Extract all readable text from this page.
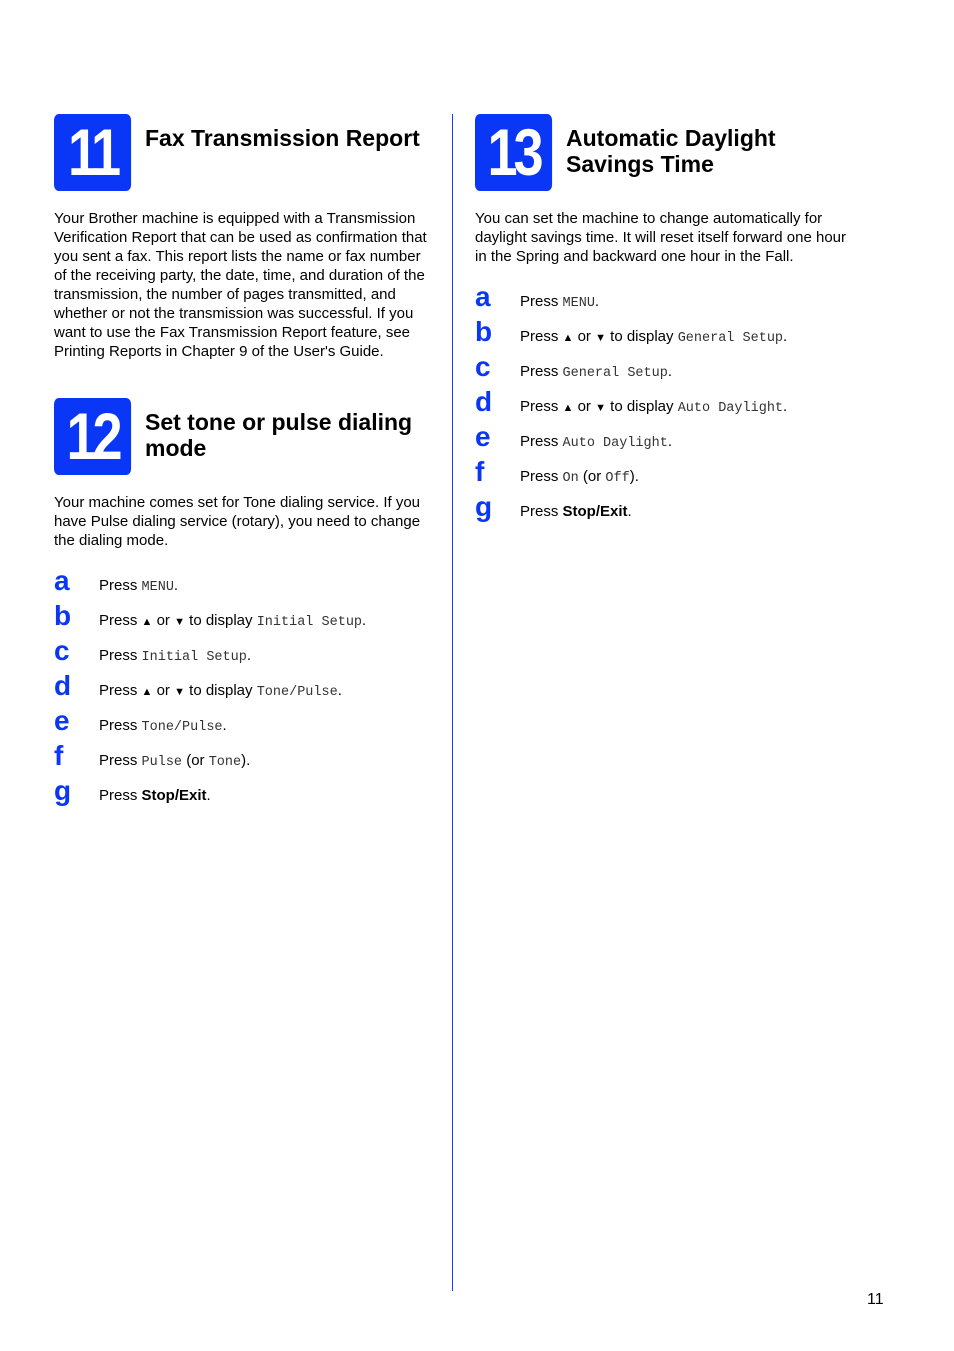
11	Fax Transmission Report

Your Brother machine is equipped with a Transmission Verification Report that can be used as confirmation that you sent a fax. This report lists the name or fax number of the receiving party, the date, time, and duration of the transmission, the number of pages transmitted, and whether or not the transmission was successful. If you want to use the Fax Transmission Report feature, see Printing Reports in Chapter 9 of the User's Guide.

12	Set tone or pulse dialing mode

Your machine comes set for Tone dialing service. If you have Pulse dialing service (rotary), you need to change the dialing mode.

a Press MENU.
b Press ▲ or ▼ to display Initial Setup.
c Press Initial Setup.
d Press ▲ or ▼ to display Tone/Pulse.
e Press Tone/Pulse.
f Press Pulse (or Tone).
g Press Stop/Exit.
13	Automatic Daylight Savings Time

You can set the machine to change automatically for daylight savings time. It will reset itself forward one hour in the Spring and backward one hour in the Fall.

a Press MENU.
b Press ▲ or ▼ to display General Setup.
c Press General Setup.
d Press ▲ or ▼ to display Auto Daylight.
e Press Auto Daylight.
f Press On (or Off).
g Press Stop/Exit.
11
